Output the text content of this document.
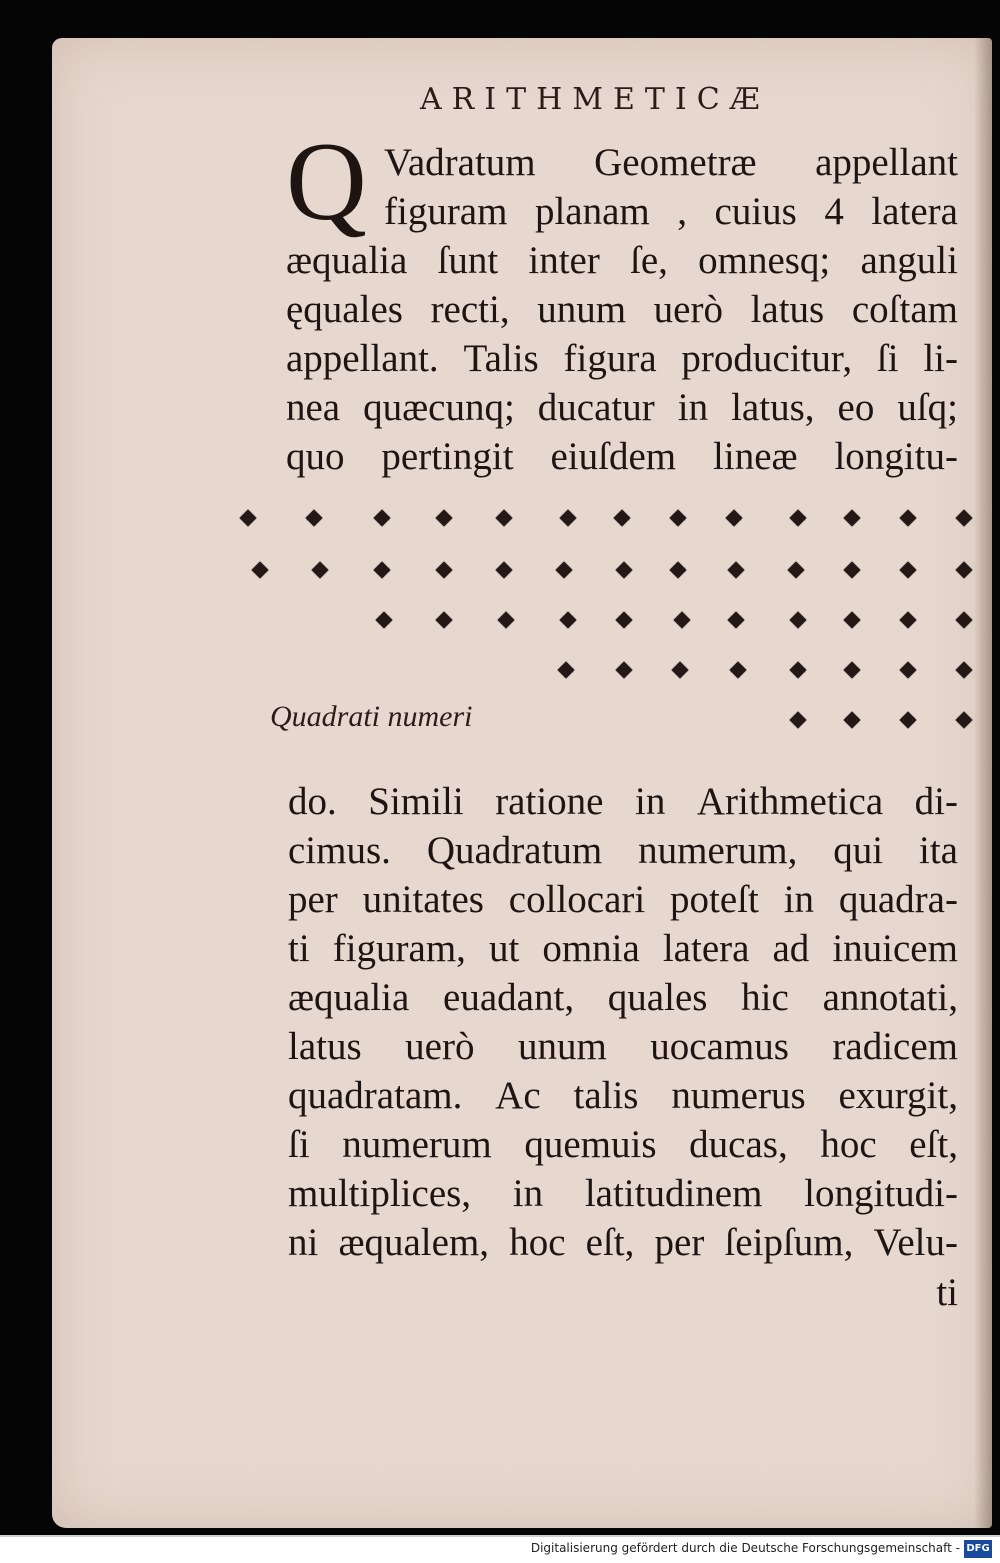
ARITHMETICÆ
Q Vadratum Geometræ appellant
figuram planam , cuius 4 latera
æqualia ſunt inter ſe, omnesq; anguli
ęquales recti, unum uerò latus coſtam
appellant. Talis figura producitur, ſi li-
nea quæcunq; ducatur in latus, eo uſq;
quo pertingit eiuſdem lineæ longitu-
Quadrati numeri
do. Simili ratione in Arithmetica di-
cimus. Quadratum numerum, qui ita
per unitates collocari poteſt in quadra-
ti figuram, ut omnia latera ad inuicem
æqualia euadant, quales hic annotati,
latus uerò unum uocamus radicem
quadratam. Ac talis numerus exurgit,
ſi numerum quemuis ducas, hoc eſt,
multiplices, in latitudinem longitudi-
ni æqualem, hoc eſt, per ſeipſum, Velu-
ti
Digitalisierung gefördert durch die Deutsche Forschungsgemeinschaft - DFG
